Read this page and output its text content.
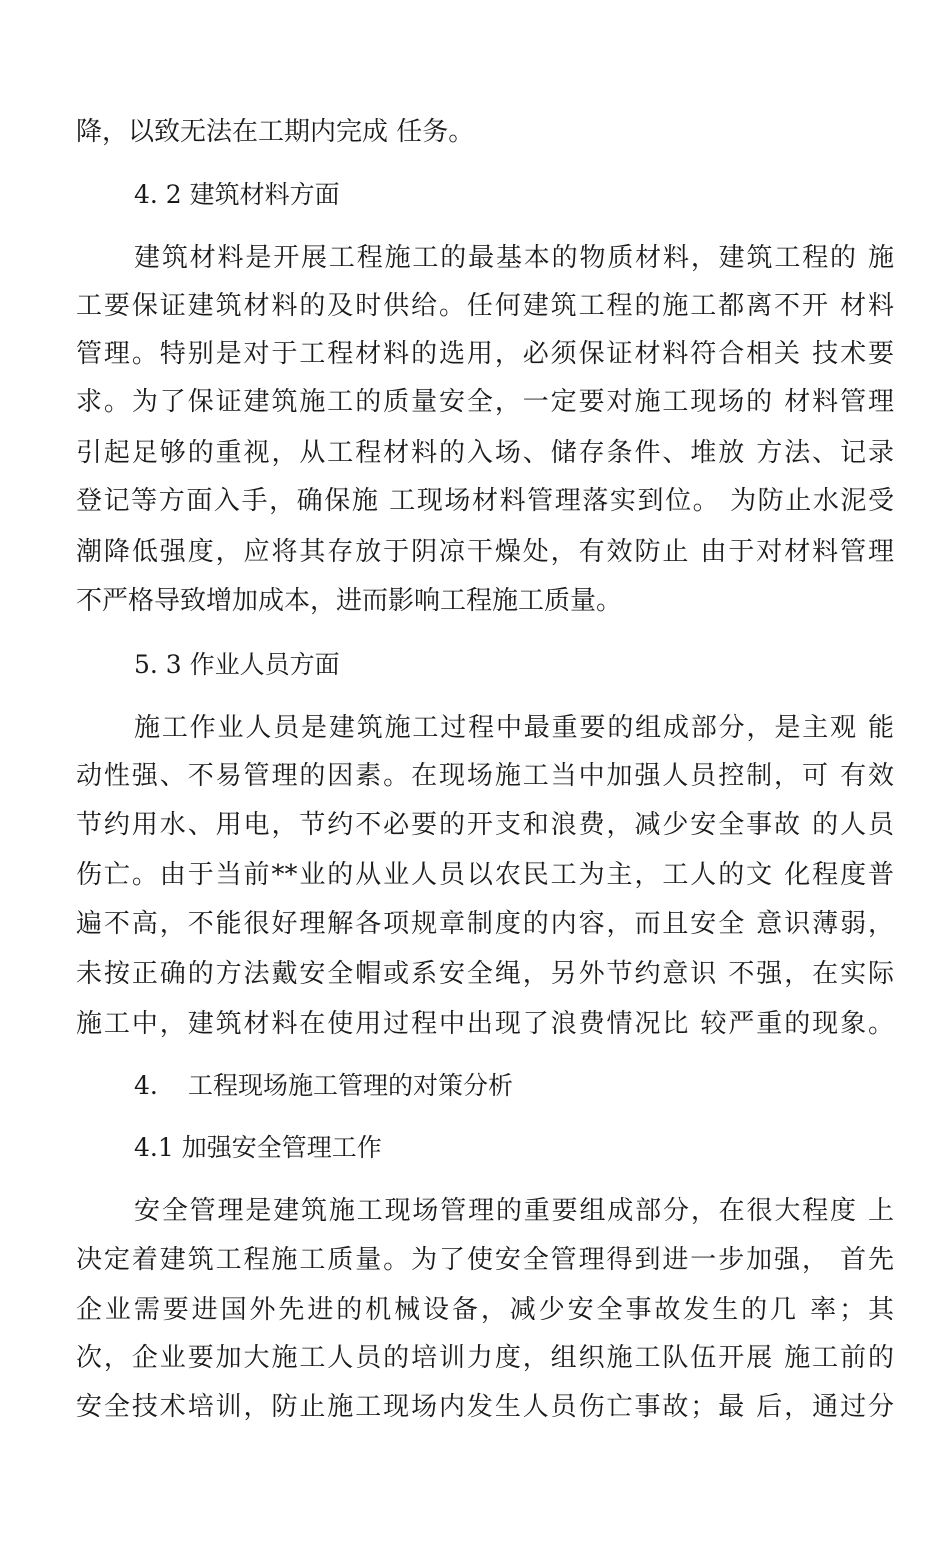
降，以致无法在工期内完成 任务。
4. 2 建筑材料方面
建筑材料是开展工程施工的最基本的物质材料，建筑工程的 施
工要保证建筑材料的及时供给。任何建筑工程的施工都离不开 材料
管理。特别是对于工程材料的选用，必须保证材料符合相关 技术要
求。为了保证建筑施工的质量安全，一定要对施工现场的 材料管理
引起足够的重视，从工程材料的入场、储存条件、堆放 方法、记录
登记等方面入手，确保施 工现场材料管理落实到位。 为防止水泥受
潮降低强度，应将其存放于阴凉干燥处，有效防止 由于对材料管理
不严格导致增加成本，进而影响工程施工质量。
5. 3 作业人员方面
施工作业人员是建筑施工过程中最重要的组成部分，是主观 能
动性强、不易管理的因素。在现场施工当中加强人员控制，可 有效
节约用水、用电，节约不必要的开支和浪费，减少安全事故 的人员
伤亡。由于当前**业的从业人员以农民工为主，工人的文 化程度普
遍不高，不能很好理解各项规章制度的内容，而且安全 意识薄弱，
未按正确的方法戴安全帽或系安全绳，另外节约意识 不强，在实际
施工中，建筑材料在使用过程中出现了浪费情况比 较严重的现象。
4. 工程现场施工管理的对策分析
4.1 加强安全管理工作
安全管理是建筑施工现场管理的重要组成部分，在很大程度 上
决定着建筑工程施工质量。为了使安全管理得到进一步加强， 首先
企业需要进国外先进的机械设备，减少安全事故发生的几 率；其
次，企业要加大施工人员的培训力度，组织施工队伍开展 施工前的
安全技术培训，防止施工现场内发生人员伤亡事故；最 后，通过分
